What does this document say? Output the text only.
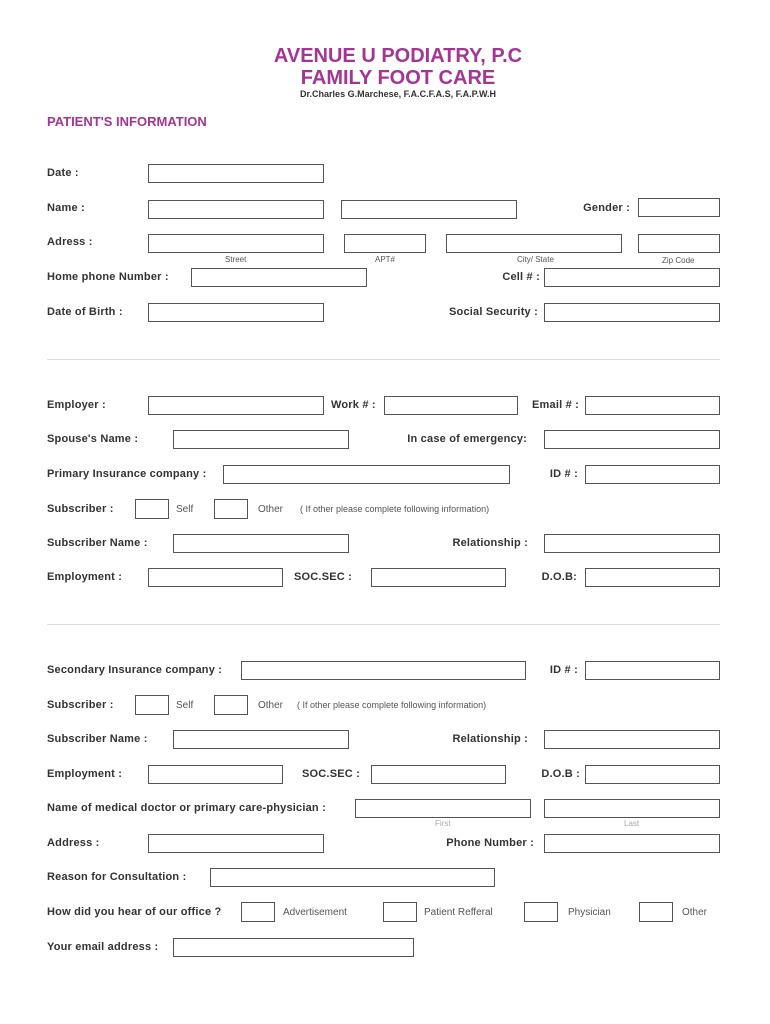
AVENUE U PODIATRY, P.C
FAMILY FOOT CARE
Dr.Charles G.Marchese, F.A.C.F.A.S, F.A.P.W.H
PATIENT'S INFORMATION
Date :
Name :	Gender :
Adress :
Street	APT#	City/ State	Zip Code
Home phone Number :	Cell # :
Date of Birth :	Social Security :
Employer :	Work # :	Email # :
Spouse's Name :	In case of emergency:
Primary Insurance company :	ID # :
Subscriber :	Self	Other ( If other please complete following information)
Subscriber Name :	Relationship :
Employment :	SOC.SEC :	D.O.B:
Secondary Insurance company :	ID # :
Subscriber :	Self	Other ( If other please complete following information)
Subscriber Name :	Relationship :
Employment :	SOC.SEC :	D.O.B :
Name of medical doctor or primary care-physician :
First	Last
Address :	Phone Number :
Reason for Consultation :
How did you hear of our office ?	Advertisement	Patient Refferal	Physician	Other
Your email address :
